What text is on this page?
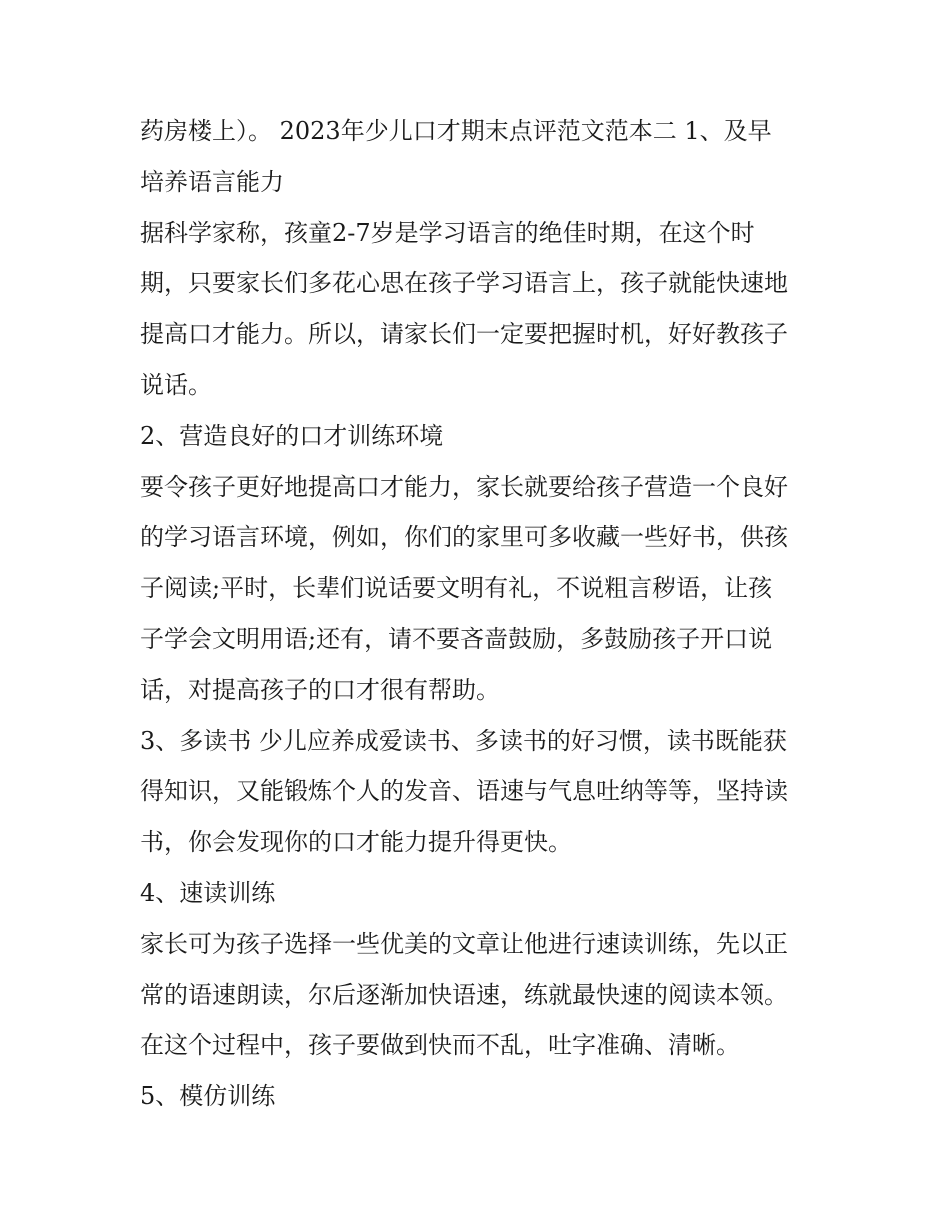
药房楼上）。 2023年少儿口才期末点评范文范本二 1、及早
培养语言能力
据科学家称，孩童2-7岁是学习语言的绝佳时期，在这个时
期，只要家长们多花心思在孩子学习语言上，孩子就能快速地
提高口才能力。所以，请家长们一定要把握时机，好好教孩子
说话。
2、营造良好的口才训练环境
要令孩子更好地提高口才能力，家长就要给孩子营造一个良好
的学习语言环境，例如，你们的家里可多收藏一些好书，供孩
子阅读;平时，长辈们说话要文明有礼，不说粗言秽语，让孩
子学会文明用语;还有，请不要吝啬鼓励，多鼓励孩子开口说
话，对提高孩子的口才很有帮助。
3、多读书 少儿应养成爱读书、多读书的好习惯，读书既能获
得知识，又能锻炼个人的发音、语速与气息吐纳等等，坚持读
书，你会发现你的口才能力提升得更快。
4、速读训练
家长可为孩子选择一些优美的文章让他进行速读训练，先以正
常的语速朗读，尔后逐渐加快语速，练就最快速的阅读本领。
在这个过程中，孩子要做到快而不乱，吐字准确、清晰。
5、模仿训练
